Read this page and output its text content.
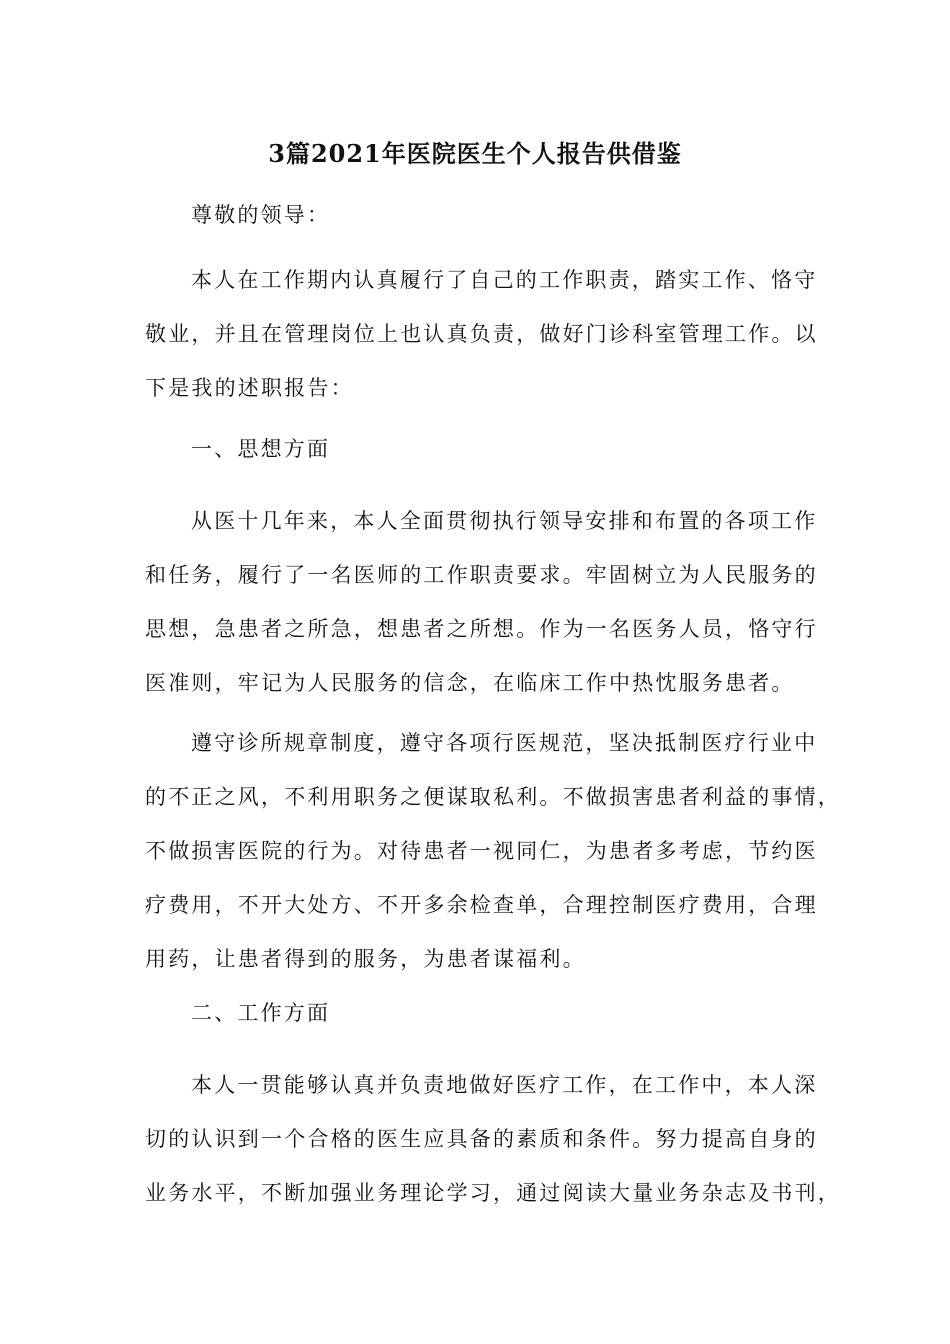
3篇2021年医院医生个人报告供借鉴

尊敬的领导：

本人在工作期内认真履行了自己的工作职责，踏实工作、恪守
敬业，并且在管理岗位上也认真负责，做好门诊科室管理工作。以
下是我的述职报告：

一、思想方面

从医十几年来，本人全面贯彻执行领导安排和布置的各项工作
和任务，履行了一名医师的工作职责要求。牢固树立为人民服务的
思想，急患者之所急，想患者之所想。作为一名医务人员，恪守行
医准则，牢记为人民服务的信念，在临床工作中热忱服务患者。

遵守诊所规章制度，遵守各项行医规范，坚决抵制医疗行业中
的不正之风，不利用职务之便谋取私利。不做损害患者利益的事情，
不做损害医院的行为。对待患者一视同仁，为患者多考虑，节约医
疗费用，不开大处方、不开多余检查单，合理控制医疗费用，合理
用药，让患者得到的服务，为患者谋福利。

二、工作方面

本人一贯能够认真并负责地做好医疗工作，在工作中，本人深
切的认识到一个合格的医生应具备的素质和条件。努力提高自身的
业务水平，不断加强业务理论学习，通过阅读大量业务杂志及书刊，
